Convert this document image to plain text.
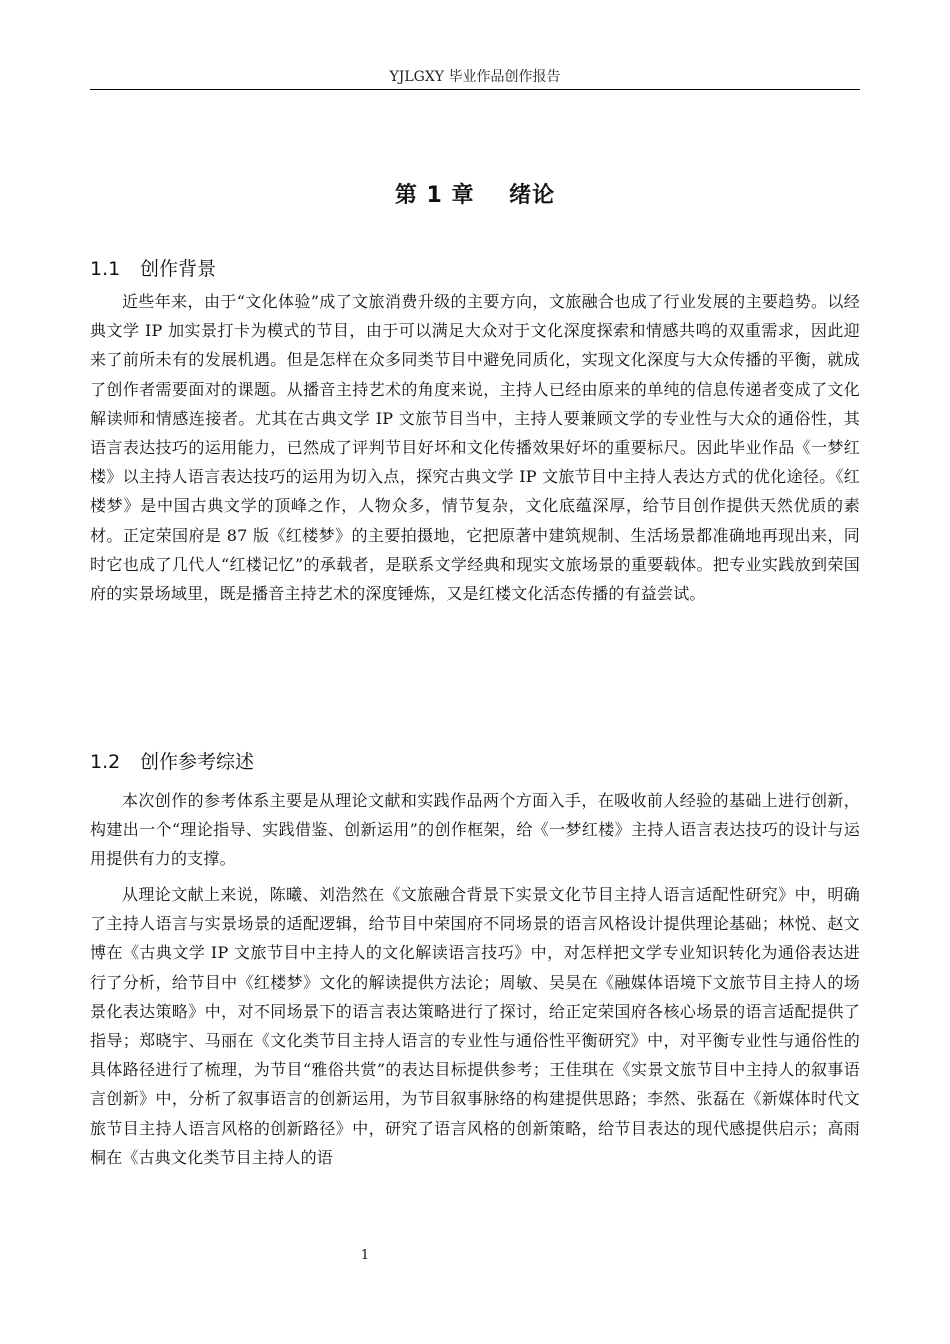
YJLGXY 毕业作品创作报告
第 1 章    绪论
1.1 创作背景

近些年来，由于“文化体验”成了文旅消费升级的主要方向，文旅融合也成了行业发展的主要趋势。以经典文学 IP 加实景打卡为模式的节目，由于可以满足大众对于文化深度探索和情感共鸣的双重需求，因此迎来了前所未有的发展机遇。但是怎样在众多同类节目中避免同质化，实现文化深度与大众传播的平衡，就成了创作者需要面对的课题。从播音主持艺术的角度来说，主持人已经由原来的单纯的信息传递者变成了文化解读师和情感连接者。尤其在古典文学 IP 文旅节目当中，主持人要兼顾文学的专业性与大众的通俗性，其语言表达技巧的运用能力，已然成了评判节目好坏和文化传播效果好坏的重要标尺。因此毕业作品《一梦红楼》以主持人语言表达技巧的运用为切入点，探究古典文学 IP 文旅节目中主持人表达方式的优化途径。《红楼梦》是中国古典文学的顶峰之作，人物众多，情节复杂，文化底蕴深厚，给节目创作提供天然优质的素材。正定荣国府是 87 版《红楼梦》的主要拍摄地，它把原著中建筑规制、生活场景都准确地再现出来，同时它也成了几代人“红楼记忆”的承载者，是联系文学经典和现实文旅场景的重要载体。把专业实践放到荣国府的实景场域里，既是播音主持艺术的深度锤炼，又是红楼文化活态传播的有益尝试。

1.2 创作参考综述

本次创作的参考体系主要是从理论文献和实践作品两个方面入手，在吸收前人经验的基础上进行创新，构建出一个“理论指导、实践借鉴、创新运用”的创作框架，给《一梦红楼》主持人语言表达技巧的设计与运用提供有力的支撑。

从理论文献上来说，陈曦、刘浩然在《文旅融合背景下实景文化节目主持人语言适配性研究》中，明确了主持人语言与实景场景的适配逻辑，给节目中荣国府不同场景的语言风格设计提供理论基础；林悦、赵文博在《古典文学 IP 文旅节目中主持人的文化解读语言技巧》中，对怎样把文学专业知识转化为通俗表达进行了分析，给节目中《红楼梦》文化的解读提供方法论；周敏、吴昊在《融媒体语境下文旅节目主持人的场景化表达策略》中，对不同场景下的语言表达策略进行了探讨，给正定荣国府各核心场景的语言适配提供了指导；郑晓宇、马丽在《文化类节目主持人语言的专业性与通俗性平衡研究》中，对平衡专业性与通俗性的具体路径进行了梳理，为节目“雅俗共赏”的表达目标提供参考；王佳琪在《实景文旅节目中主持人的叙事语言创新》中，分析了叙事语言的创新运用，为节目叙事脉络的构建提供思路；李然、张磊在《新媒体时代文旅节目主持人语言风格的创新路径》中，研究了语言风格的创新策略，给节目表达的现代感提供启示；高雨桐在《古典文化类节目主持人的语

1
